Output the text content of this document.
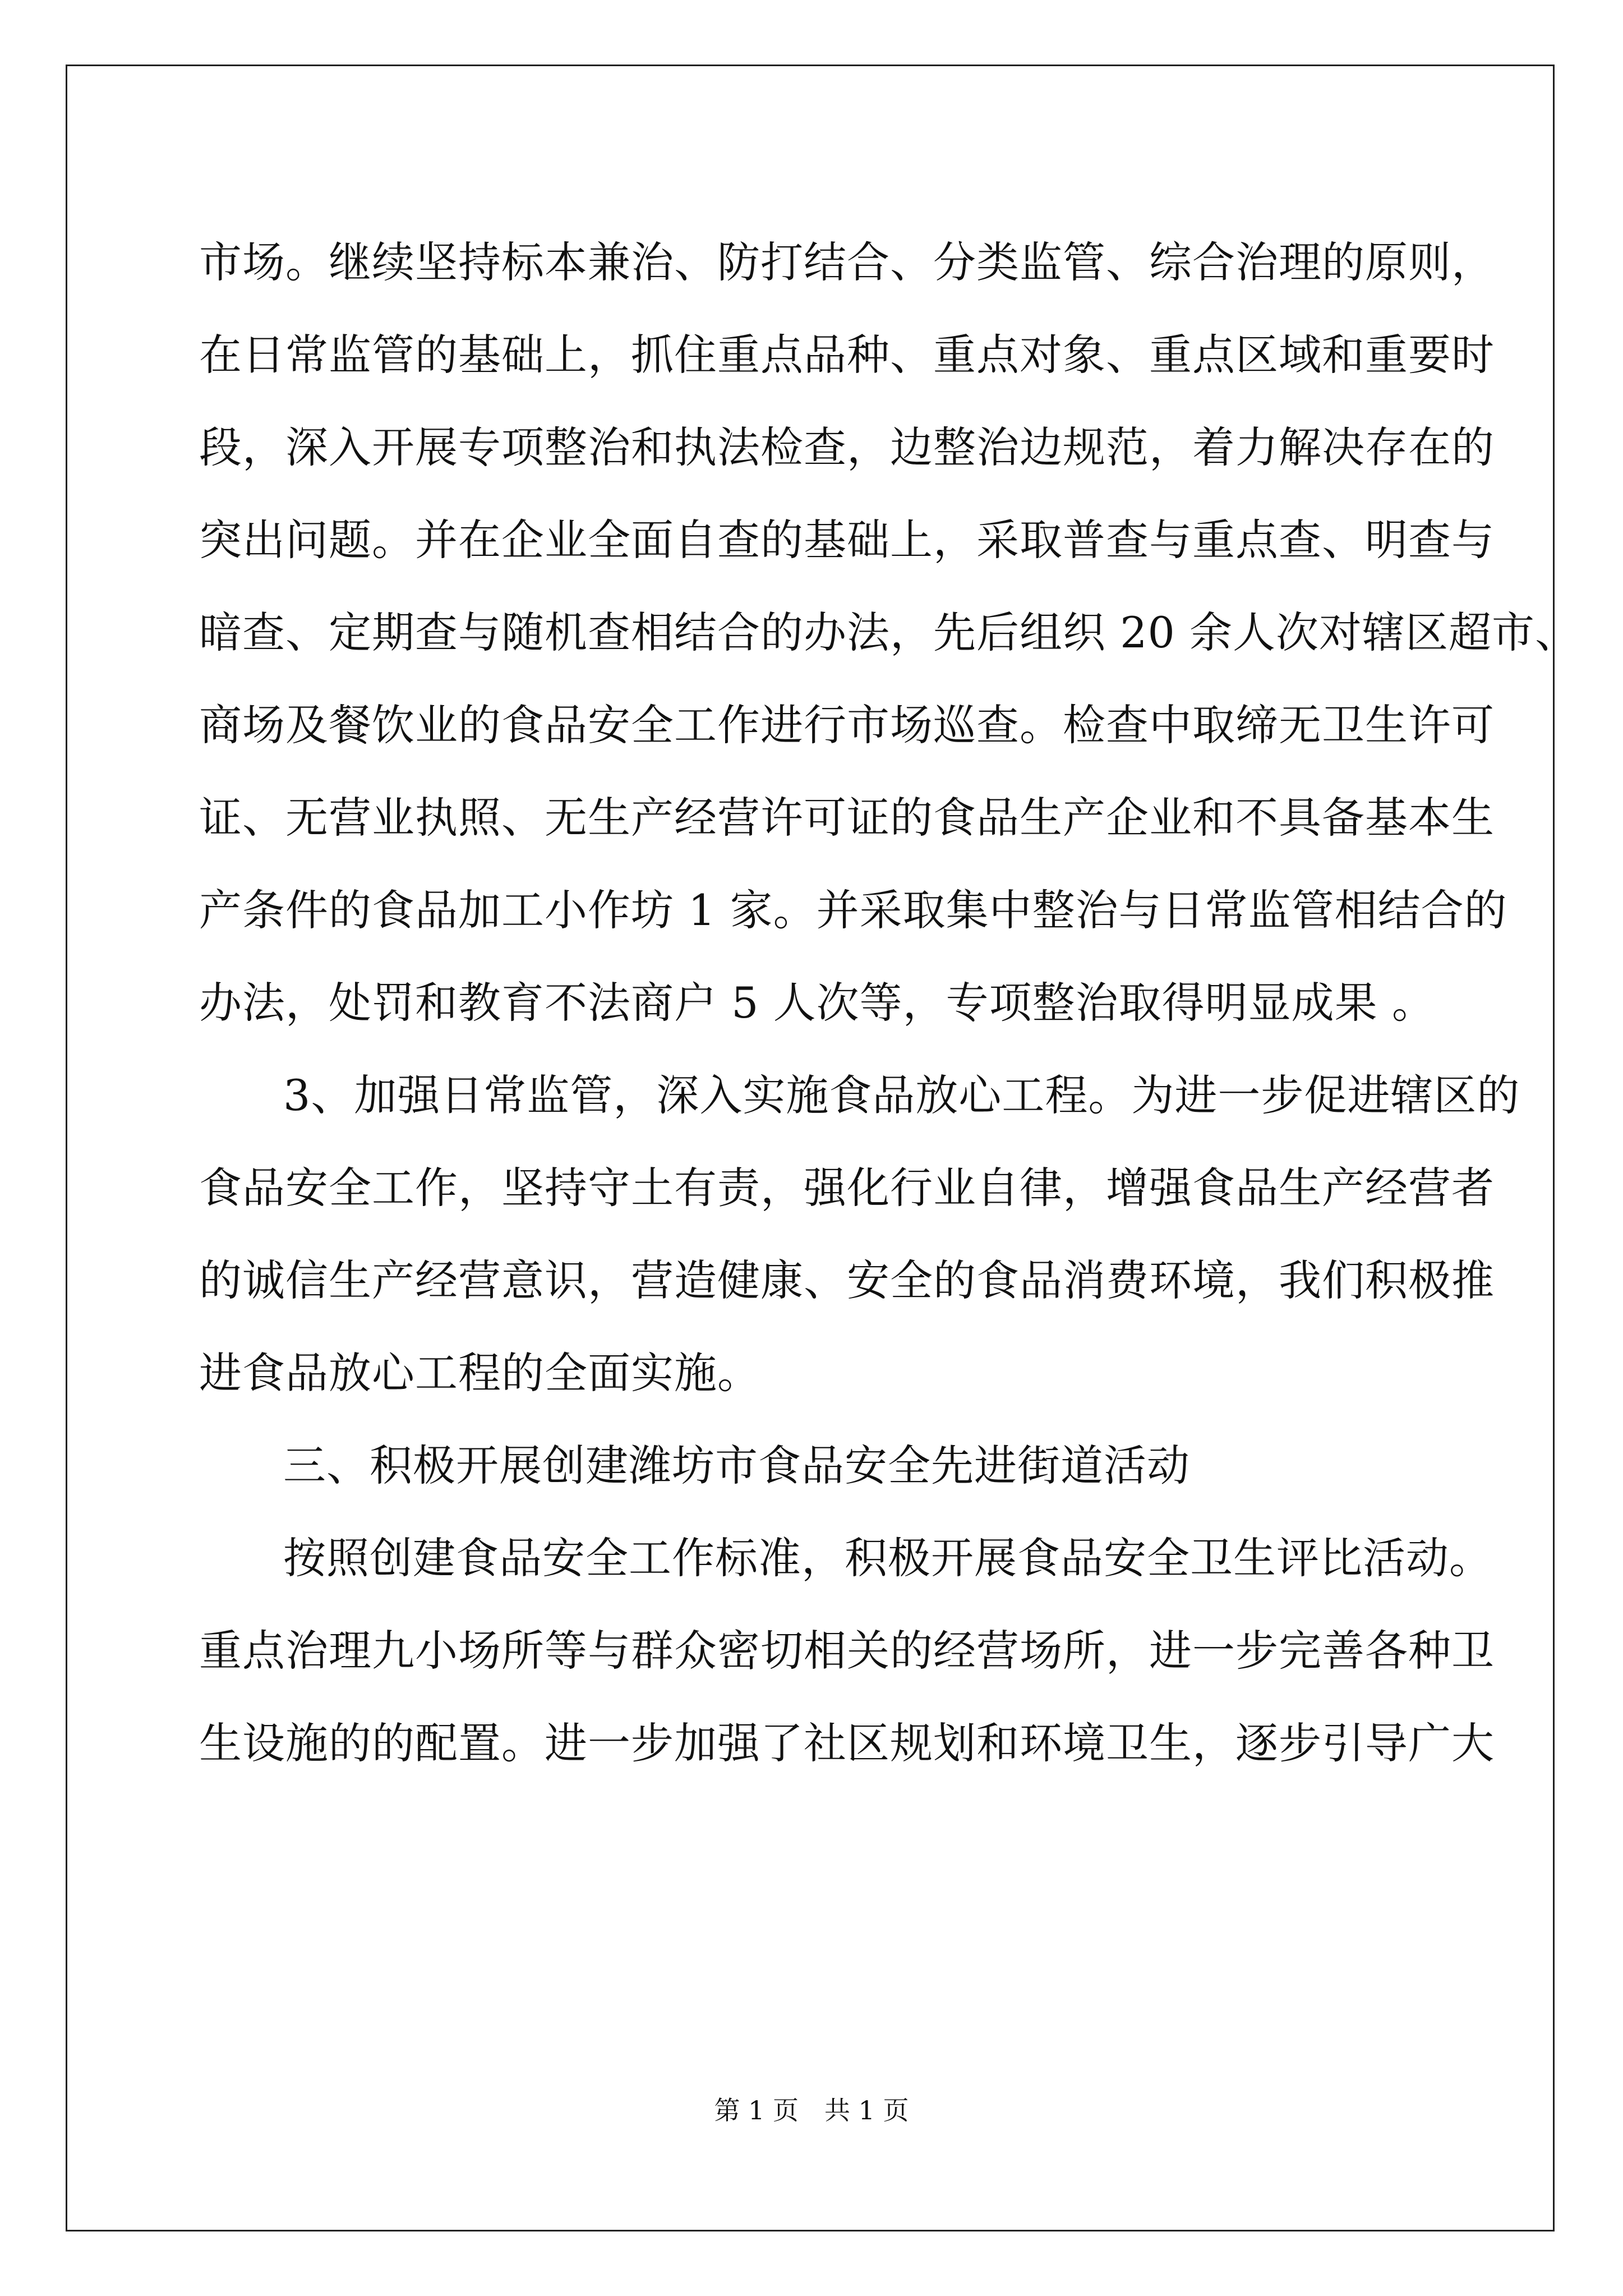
市场。继续坚持标本兼治、防打结合、分类监管、综合治理的原则，
在日常监管的基础上，抓住重点品种、重点对象、重点区域和重要时
段，深入开展专项整治和执法检查，边整治边规范，着力解决存在的
突出问题。并在企业全面自查的基础上，采取普查与重点查、明查与
暗查、定期查与随机查相结合的办法，先后组织 20 余人次对辖区超市、
商场及餐饮业的食品安全工作进行市场巡查。检查中取缔无卫生许可
证、无营业执照、无生产经营许可证的食品生产企业和不具备基本生
产条件的食品加工小作坊 1 家。并采取集中整治与日常监管相结合的
办法，处罚和教育不法商户 5 人次等，专项整治取得明显成果 。
3、加强日常监管，深入实施食品放心工程。为进一步促进辖区的
食品安全工作，坚持守土有责，强化行业自律，增强食品生产经营者
的诚信生产经营意识，营造健康、安全的食品消费环境，我们积极推
进食品放心工程的全面实施。
三、积极开展创建潍坊市食品安全先进街道活动
按照创建食品安全工作标准，积极开展食品安全卫生评比活动。
重点治理九小场所等与群众密切相关的经营场所，进一步完善各种卫
生设施的的配置。进一步加强了社区规划和环境卫生，逐步引导广大
第 1 页　共 1 页
